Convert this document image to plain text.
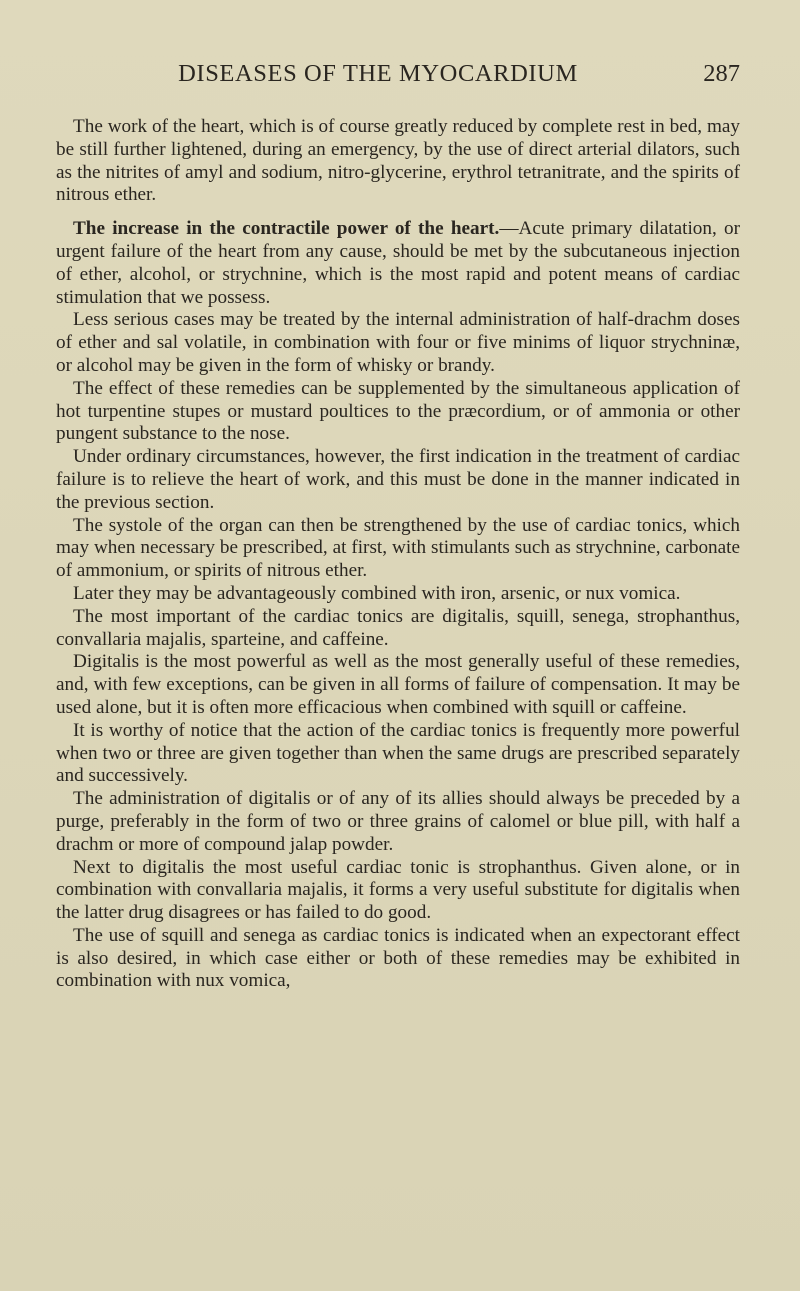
DISEASES OF THE MYOCARDIUM	287

The work of the heart, which is of course greatly reduced by complete rest in bed, may be still further lightened, during an emergency, by the use of direct arterial dilators, such as the nitrites of amyl and sodium, nitro-glycerine, erythrol tetranitrate, and the spirits of nitrous ether.

The increase in the contractile power of the heart.—Acute primary dilatation, or urgent failure of the heart from any cause, should be met by the subcutaneous injection of ether, alcohol, or strychnine, which is the most rapid and potent means of cardiac stimulation that we possess.

Less serious cases may be treated by the internal administration of half-drachm doses of ether and sal volatile, in combination with four or five minims of liquor strychninæ, or alcohol may be given in the form of whisky or brandy.

The effect of these remedies can be supplemented by the simultaneous application of hot turpentine stupes or mustard poultices to the præcordium, or of ammonia or other pungent substance to the nose.

Under ordinary circumstances, however, the first indication in the treatment of cardiac failure is to relieve the heart of work, and this must be done in the manner indicated in the previous section.

The systole of the organ can then be strengthened by the use of cardiac tonics, which may when necessary be prescribed, at first, with stimulants such as strychnine, carbonate of ammonium, or spirits of nitrous ether.

Later they may be advantageously combined with iron, arsenic, or nux vomica.

The most important of the cardiac tonics are digitalis, squill, senega, strophanthus, convallaria majalis, sparteine, and caffeine.

Digitalis is the most powerful as well as the most generally useful of these remedies, and, with few exceptions, can be given in all forms of failure of compensation. It may be used alone, but it is often more efficacious when combined with squill or caffeine.

It is worthy of notice that the action of the cardiac tonics is frequently more powerful when two or three are given together than when the same drugs are prescribed separately and successively.

The administration of digitalis or of any of its allies should always be preceded by a purge, preferably in the form of two or three grains of calomel or blue pill, with half a drachm or more of compound jalap powder.

Next to digitalis the most useful cardiac tonic is strophanthus. Given alone, or in combination with convallaria majalis, it forms a very useful substitute for digitalis when the latter drug disagrees or has failed to do good.

The use of squill and senega as cardiac tonics is indicated when an expectorant effect is also desired, in which case either or both of these remedies may be exhibited in combination with nux vomica,
